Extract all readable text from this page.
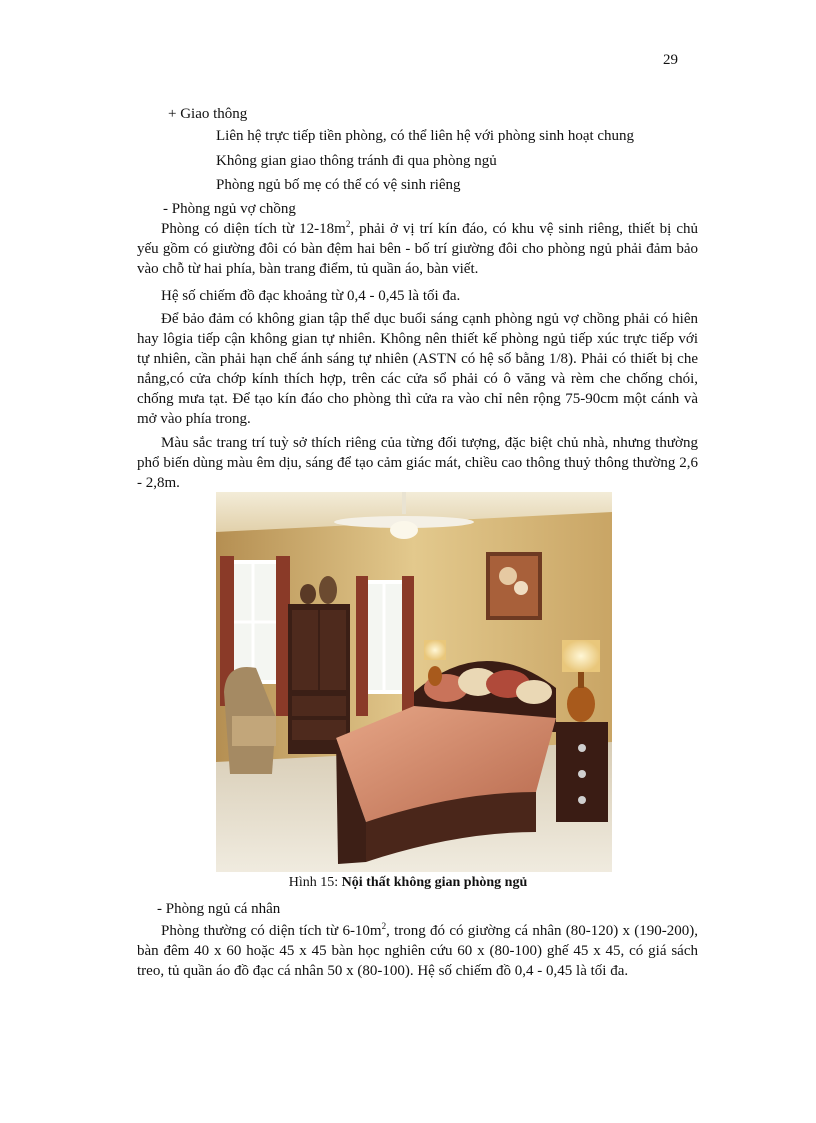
29
+ Giao thông
Liên hệ trực tiếp tiền phòng, có thể liên hệ với phòng sinh hoạt chung
Không gian giao thông tránh đi qua phòng ngủ
Phòng ngủ bố mẹ có thể có vệ sinh riêng
- Phòng ngủ vợ chồng

Phòng có diện tích từ $12-18m^2$, phải ở vị trí kín đáo, có khu vệ sinh riêng, thiết bị chủ yếu gồm có giường đôi có bàn đệm hai bên - bố trí giường đôi cho phòng ngủ phải đảm bảo vào chỗ từ hai phía, bàn trang điểm, tủ quần áo, bàn viết.

Hệ số chiếm đồ đạc khoảng từ 0,4 - 0,45 là tối đa.

Để bảo đảm có không gian tập thể dục buổi sáng cạnh phòng ngủ vợ chồng phải có hiên hay lôgia tiếp cận không gian tự nhiên. Không nên thiết kế phòng ngủ tiếp xúc trực tiếp với tự nhiên, cần phải hạn chế ánh sáng tự nhiên (ASTN có hệ số bằng 1/8). Phải có thiết bị che nắng,có cửa chớp kính thích hợp, trên các cửa sổ phải có ô văng và rèm che chống chói, chống mưa tạt. Để tạo kín đáo cho phòng thì cửa ra vào chỉ nên rộng 75-90cm một cánh và mở vào phía trong.

Màu sắc trang trí tuỳ sở thích riêng của từng đối tượng, đặc biệt chủ nhà, nhưng thường phổ biến dùng màu êm dịu, sáng để tạo cảm giác mát, chiều cao thông thuỷ thông thường 2,6 - 2,8m.

Hình 15: Nội thất không gian phòng ngủ
- Phòng ngủ cá nhân

Phòng thường có diện tích từ $6-10m^2$, trong đó có giường cá nhân (80-120) x (190-200), bàn đêm 40 x 60 hoặc 45 x 45 bàn học nghiên cứu 60 x (80-100) ghế 45 x 45, có giá sách treo, tủ quần áo đồ đạc cá nhân 50 x (80-100). Hệ số chiếm đồ 0,4 - 0,45 là tối đa.
